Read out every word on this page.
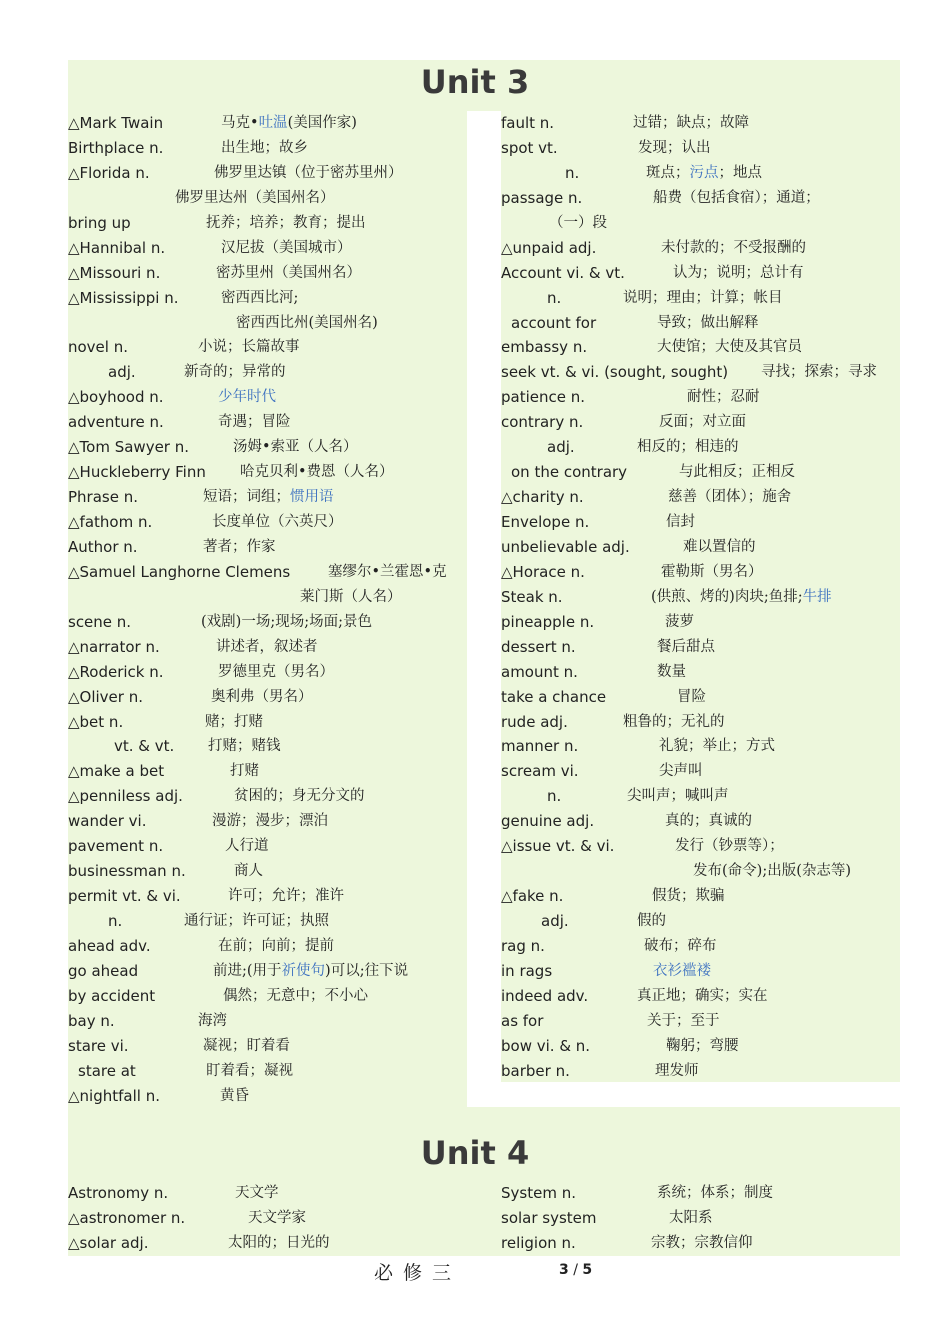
Unit 3
△Mark Twain	马克•吐温(美国作家)
Birthplace n.	出生地；故乡
△Florida n.	佛罗里达镇（位于密苏里州）
佛罗里达州（美国州名）
bring up	抚养；培养；教育；提出
△Hannibal n.	汉尼拔（美国城市）
△Missouri n.	密苏里州（美国州名）
△Mississippi n.	密西西比河;
密西西比州(美国州名)
novel n.	小说；长篇故事
adj.	新奇的；异常的
△boyhood n.	少年时代
adventure n.	奇遇；冒险
△Tom Sawyer n.	汤姆•索亚（人名）
△Huckleberry Finn 哈克贝利•费恩（人名）
Phrase n.	短语；词组；惯用语
△fathom n.	长度单位（六英尺）
Author n.	著者；作家
△Samuel Langhorne Clemens	塞缪尔•兰霍恩•克
莱门斯（人名）
scene n.	(戏剧)一场;现场;场面;景色
△narrator n.	讲述者，叙述者
△Roderick n.	罗德里克（男名）
△Oliver n.	奥利弗（男名）
△bet n.	赌；打赌
vt. & vt. 打赌；赌钱
△make a bet	打赌
△penniless adj.	贫困的；身无分文的
wander vi.	漫游；漫步；漂泊
pavement n.	人行道
businessman n.	商人
permit vt. & vi.	许可；允许；准许
n.	通行证；许可证；执照
ahead adv.	在前；向前；提前
go ahead	前进;(用于祈使句)可以;往下说
by accident	偶然；无意中；不小心
bay n.	海湾
stare vi.	凝视；盯着看
stare at	盯着看；凝视
△nightfall n.	黄昏
fault n.	过错；缺点；故障
spot vt.	发现；认出
n.	斑点；污点；地点
passage n.	船费（包括食宿）；通道；
（一）段
△unpaid adj.	未付款的；不受报酬的
Account vi. & vt.	认为；说明；总计有
n.	说明；理由；计算；帐目
account for	导致；做出解释
embassy n.	大使馆；大使及其官员
seek vt. & vi. (sought, sought) 寻找；探索；寻求
patience n.	耐性；忍耐
contrary n.	反面；对立面
adj.	相反的；相违的
on the contrary	与此相反；正相反
△charity n.	慈善（团体）；施舍
Envelope n.	信封
unbelievable adj.	难以置信的
△Horace n.	霍勒斯（男名）
Steak n.	(供煎、烤的)肉块;鱼排;牛排
pineapple n.	菠萝
dessert n.	餐后甜点
amount n.	数量
take a chance	冒险
rude adj.	粗鲁的；无礼的
manner n.	礼貌；举止；方式
scream vi.	尖声叫
n.	尖叫声；喊叫声
genuine adj.	真的；真诚的
△issue vt. & vi.	发行（钞票等）；
发布(命令);出版(杂志等)
△fake n.	假货；欺骗
adj.	假的
rag n.	破布；碎布
in rags	衣衫褴褛
indeed adv.	真正地；确实；实在
as for	关于；至于
bow vi. & n.	鞠躬；弯腰
barber n.	理发师
Unit 4
Astronomy n.	天文学
△astronomer n.	天文学家
△solar adj.	太阳的；日光的
System n.	系统；体系；制度
solar system	太阳系
religion n.	宗教；宗教信仰
必修三	3 / 5
